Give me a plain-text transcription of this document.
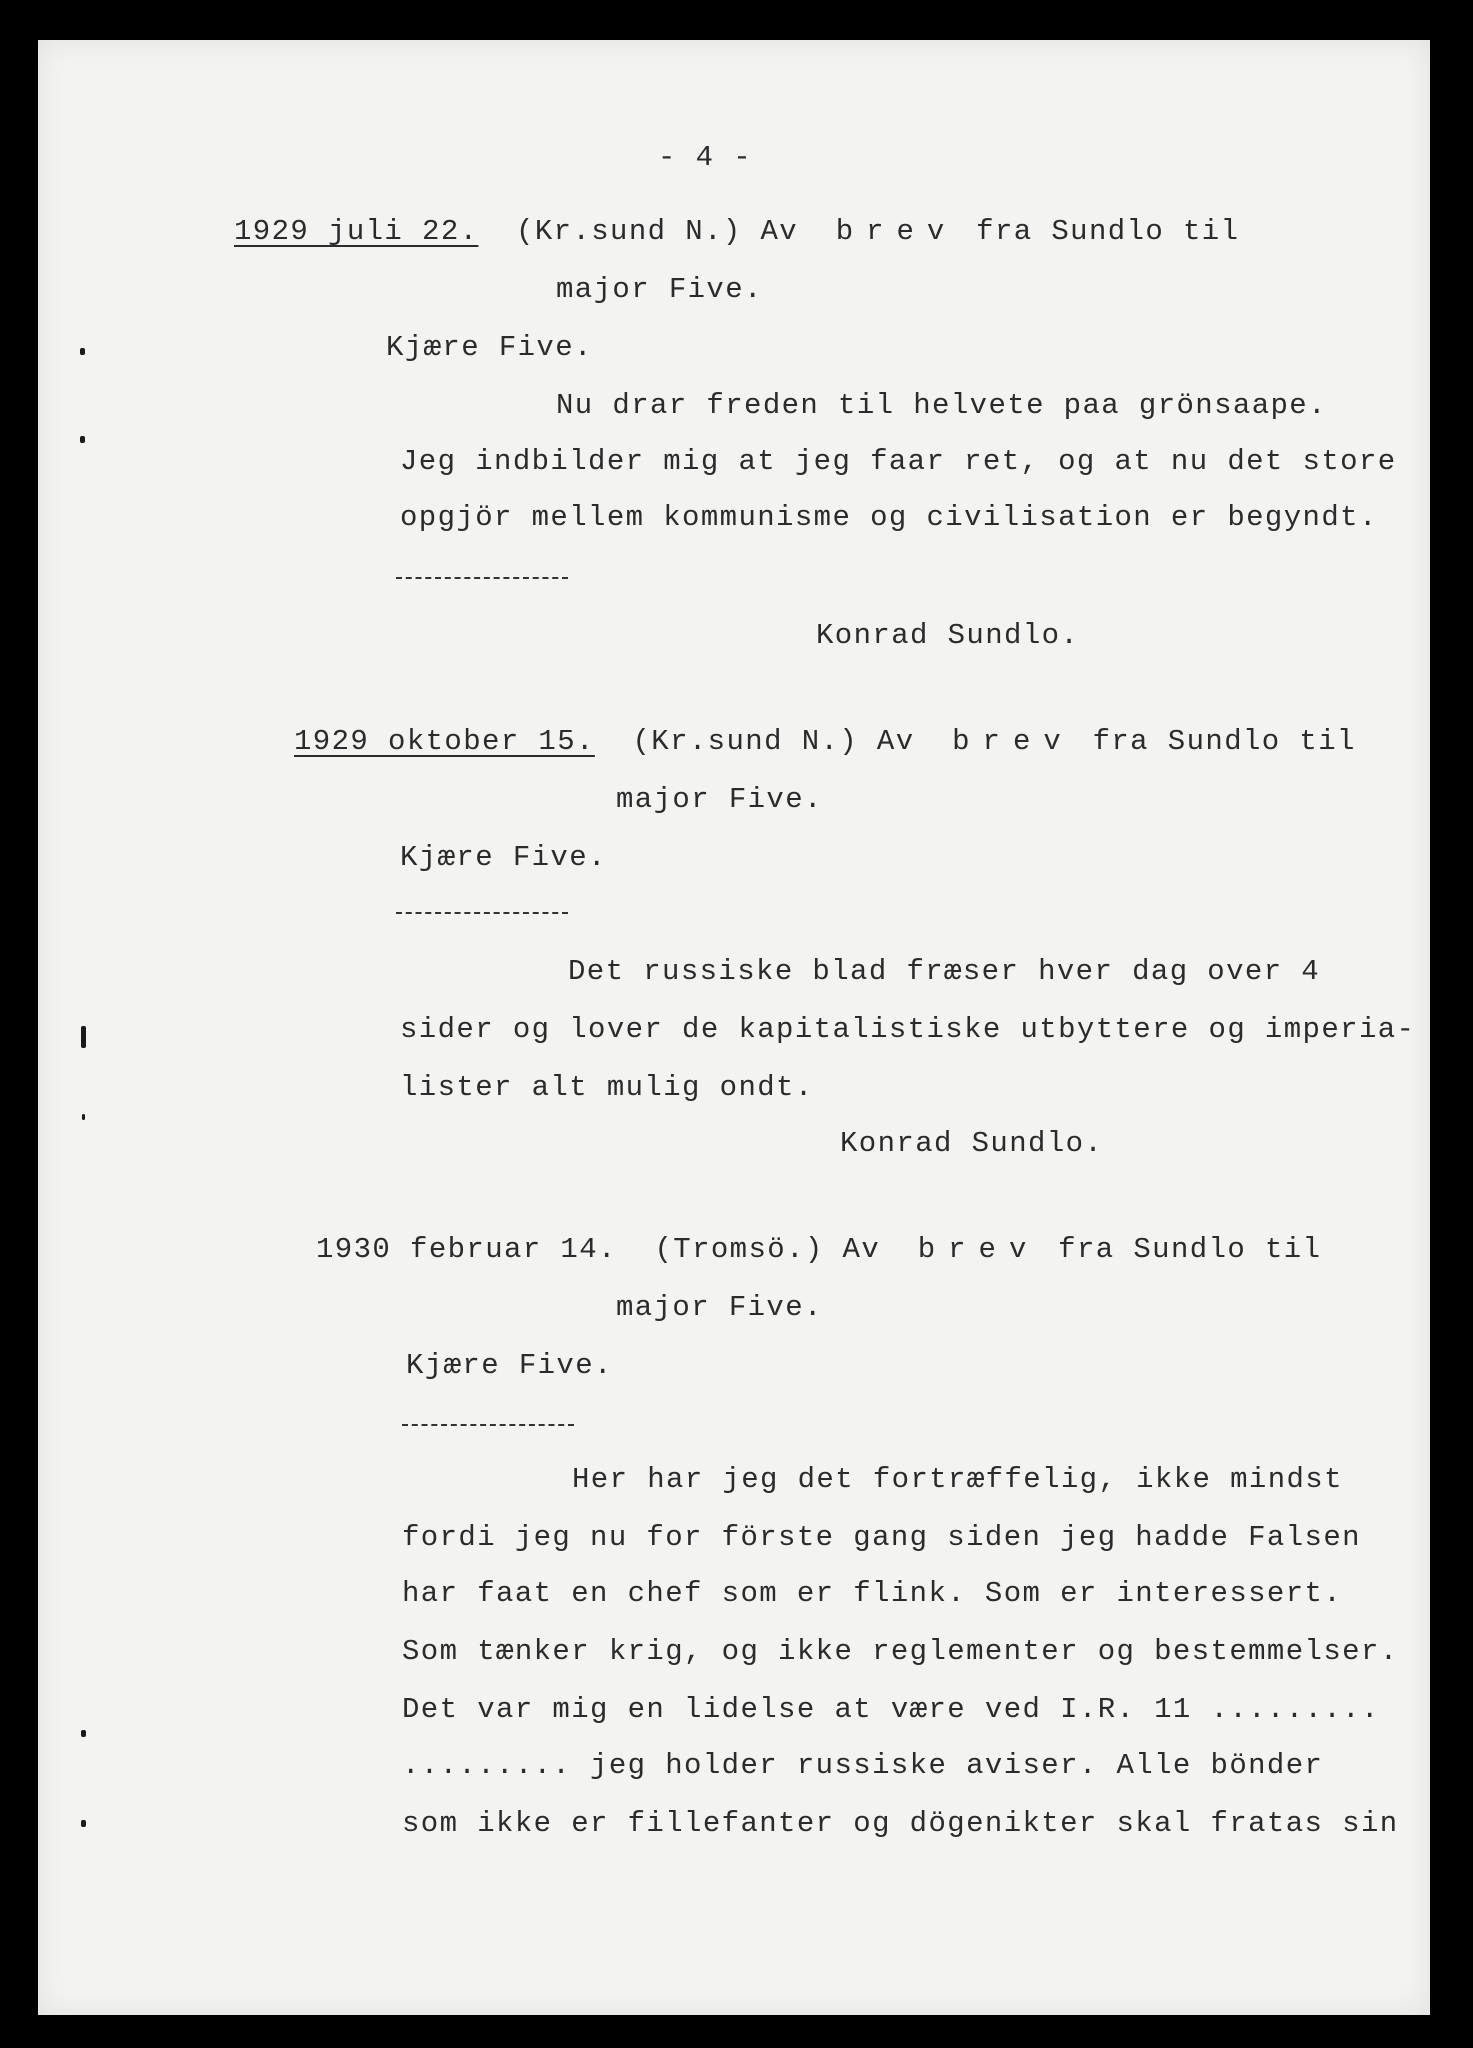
- 4 -
1929 juli 22. (Kr.sund N.) Av brev fra Sundlo til
major Five.
Kjære Five.
Nu drar freden til helvete paa grönsaape.
Jeg indbilder mig at jeg faar ret, og at nu det store
opgjör mellem kommunisme og civilisation er begyndt.
Konrad Sundlo.
1929 oktober 15. (Kr.sund N.) Av brev fra Sundlo til
major Five.
Kjære Five.
Det russiske blad fræser hver dag over 4
sider og lover de kapitalistiske utbyttere og imperia-
lister alt mulig ondt.
Konrad Sundlo.
1930 februar 14. (Tromsö.) Av brev fra Sundlo til
major Five.
Kjære Five.
Her har jeg det fortræffelig, ikke mindst
fordi jeg nu for förste gang siden jeg hadde Falsen
har faat en chef som er flink. Som er interessert.
Som tænker krig, og ikke reglementer og bestemmelser.
Det var mig en lidelse at være ved I.R. 11 .........
......... jeg holder russiske aviser. Alle bönder
som ikke er fillefanter og dögenikter skal fratas sin
